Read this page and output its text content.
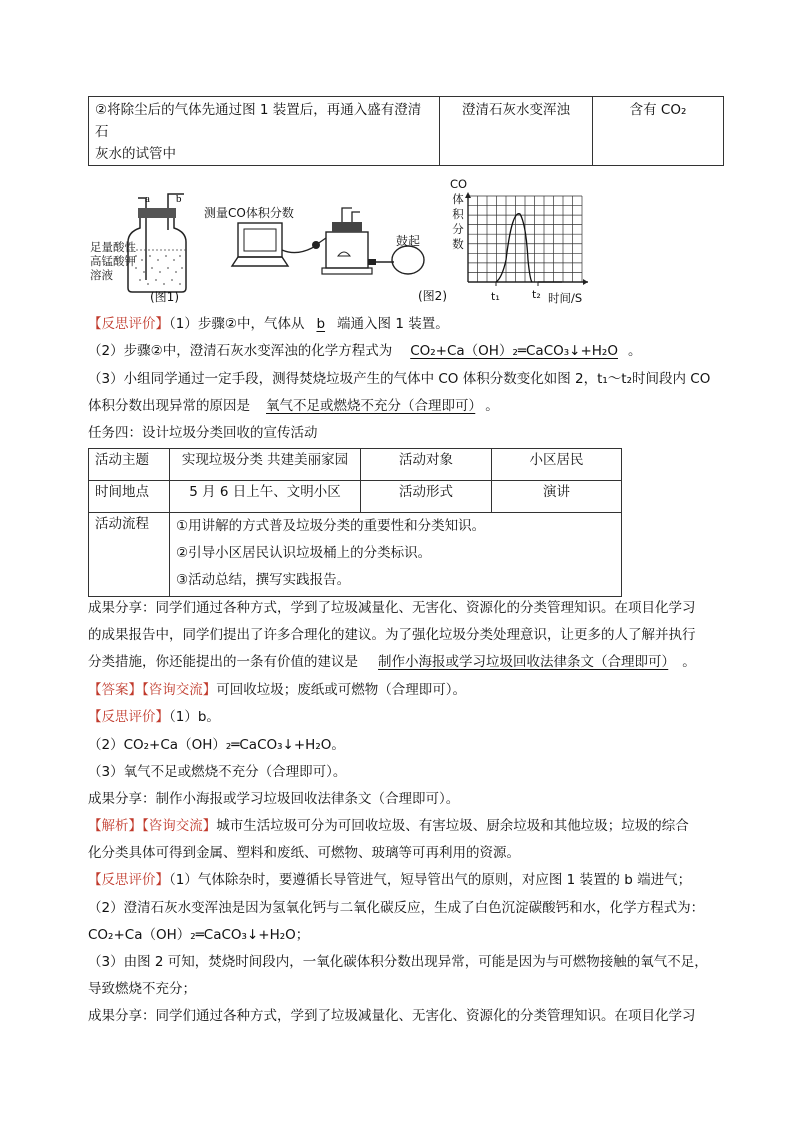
②将除尘后的气体先通过图 1 装置后，再通入盛有澄清石
灰水的试管中
	澄清石灰水变浑浊	含有 CO₂
a b
足量酸性
高锰酸钾
溶液
(图1)
测量CO体积分数
鼓起
(图2)
CO
体
积
分
数
t₁	t₂ 时间/S
【反思评价】（1）步骤②中，气体从 b 端通入图 1 装置。
（2）步骤②中，澄清石灰水变浑浊的化学方程式为 CO₂+Ca（OH）₂═CaCO₃↓+H₂O 。
（3）小组同学通过一定手段，测得焚烧垃圾产生的气体中 CO 体积分数变化如图 2，t₁～t₂时间段内 CO
体积分数出现异常的原因是 氧气不足或燃烧不充分（合理即可） 。
任务四：设计垃圾分类回收的宣传活动
活动主题	实现垃圾分类 共建美丽家园	活动对象	小区居民
时间地点	5 月 6 日上午、文明小区	活动形式	演讲
活动流程	①用讲解的方式普及垃圾分类的重要性和分类知识。
②引导小区居民认识垃圾桶上的分类标识。
③活动总结，撰写实践报告。		
成果分享：同学们通过各种方式，学到了垃圾减量化、无害化、资源化的分类管理知识。在项目化学习
的成果报告中，同学们提出了许多合理化的建议。为了强化垃圾分类处理意识，让更多的人了解并执行
分类措施，你还能提出的一条有价值的建议是 制作小海报或学习垃圾回收法律条文（合理即可） 。
【答案】【咨询交流】可回收垃圾；废纸或可燃物（合理即可）。
【反思评价】（1）b。
（2）CO₂+Ca（OH）₂═CaCO₃↓+H₂O。
（3）氧气不足或燃烧不充分（合理即可）。
成果分享：制作小海报或学习垃圾回收法律条文（合理即可）。
【解析】【咨询交流】城市生活垃圾可分为可回收垃圾、有害垃圾、厨余垃圾和其他垃圾；垃圾的综合
化分类具体可得到金属、塑料和废纸、可燃物、玻璃等可再利用的资源。
【反思评价】（1）气体除杂时，要遵循长导管进气，短导管出气的原则，对应图 1 装置的 b 端进气；
（2）澄清石灰水变浑浊是因为氢氧化钙与二氧化碳反应，生成了白色沉淀碳酸钙和水，化学方程式为：
CO₂+Ca（OH）₂═CaCO₃↓+H₂O；
（3）由图 2 可知，焚烧时间段内，一氧化碳体积分数出现异常，可能是因为与可燃物接触的氧气不足，
导致燃烧不充分；
成果分享：同学们通过各种方式，学到了垃圾减量化、无害化、资源化的分类管理知识。在项目化学习
